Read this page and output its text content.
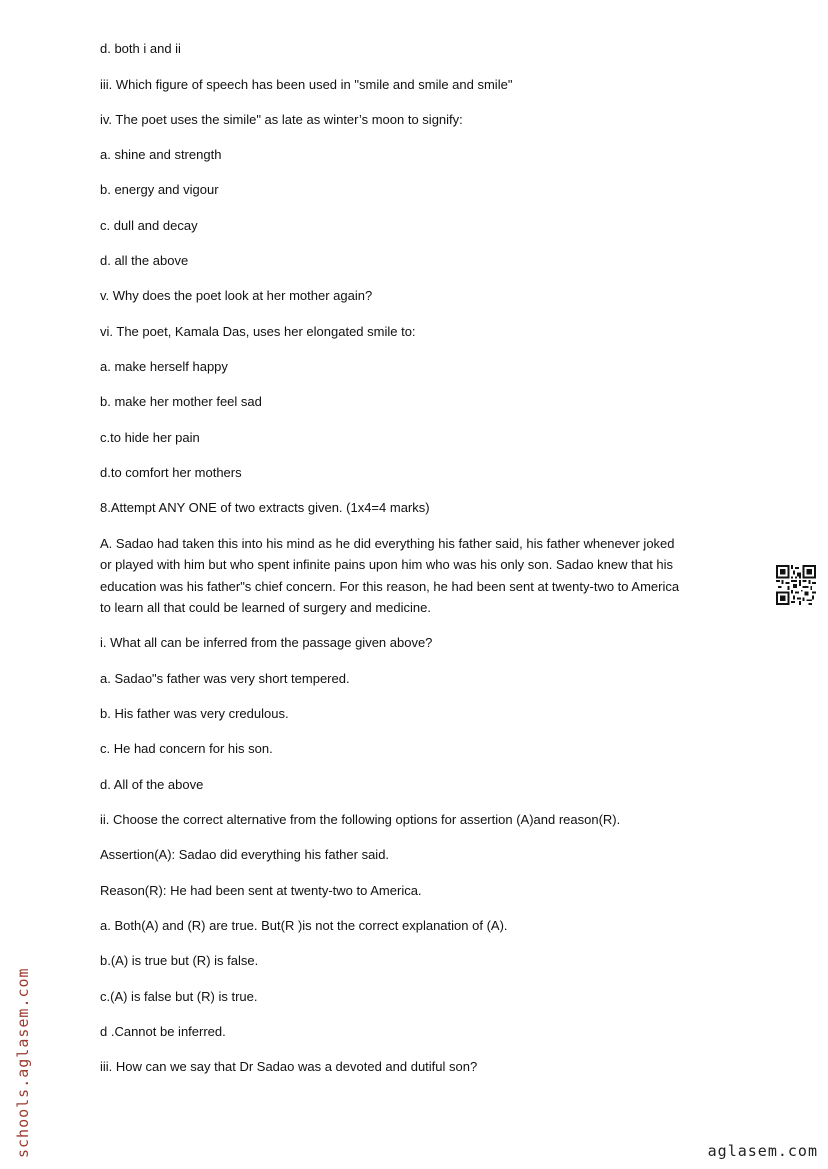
d. both i and ii

iii. Which figure of speech has been used in "smile and smile and smile"

iv. The poet uses the simile" as late as winter’s moon to signify:

a. shine and strength

b. energy and vigour

c. dull and decay

d. all the above

v. Why does the poet look at her mother again?

vi. The poet, Kamala Das, uses her elongated smile to:

a. make herself happy

b. make her mother feel sad

c.to hide her pain

d.to comfort her mothers

8.Attempt ANY ONE of two extracts given. (1x4=4 marks)

A. Sadao had taken this into his mind as he did everything his father said, his father whenever joked
or played with him but who spent infinite pains upon him who was his only son. Sadao knew that his
education was his father"s chief concern. For this reason, he had been sent at twenty-two to America
to learn all that could be learned of surgery and medicine.

i. What all can be inferred from the passage given above?

a. Sadao"s father was very short tempered.

b. His father was very credulous.

c. He had concern for his son.

d. All of the above

ii. Choose the correct alternative from the following options for assertion (A)and reason(R).

Assertion(A): Sadao did everything his father said.

Reason(R): He had been sent at twenty-two to America.

a. Both(A) and (R) are true. But(R )is not the correct explanation of (A).

b.(A) is true but (R) is false.

c.(A) is false but (R) is true.

d .Cannot be inferred.

iii. How can we say that Dr Sadao was a devoted and dutiful son?

schools.aglasem.com	aglasem.com
